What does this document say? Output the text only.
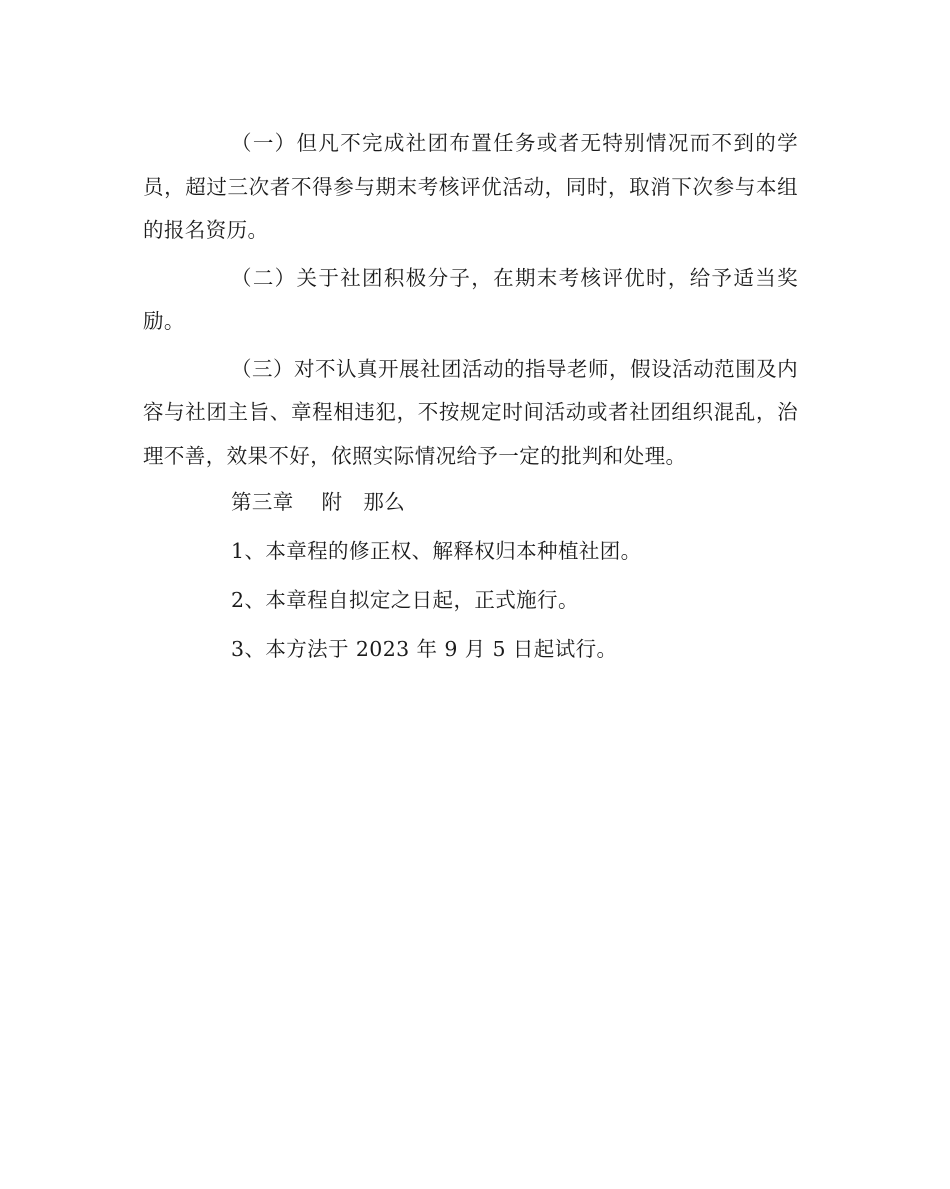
（一）但凡不完成社团布置任务或者无特别情况而不到的学员，超过三次者不得参与期末考核评优活动，同时，取消下次参与本组的报名资历。

（二）关于社团积极分子，在期末考核评优时，给予适当奖励。

（三）对不认真开展社团活动的指导老师，假设活动范围及内容与社团主旨、章程相违犯，不按规定时间活动或者社团组织混乱，治理不善，效果不好，依照实际情况给予一定的批判和处理。

第三章　 附　那么

1、本章程的修正权、解释权归本种植社团。

2、本章程自拟定之日起，正式施行。

3、本方法于 2023 年 9 月 5 日起试行。
